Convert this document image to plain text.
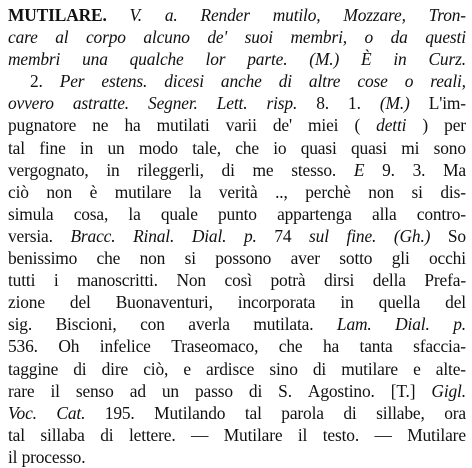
MUTILARE. V. a. Render mutilo, Mozzare, Tron-
care al corpo alcuno de' suoi membri, o da questi
membri una qualche lor parte. (M.) È in Curz.
2. Per estens. dicesi anche di altre cose o reali,
ovvero astratte. Segner. Lett. risp. 8. 1. (M.) L'im-
pugnatore ne ha mutilati varii de' miei ( detti ) per
tal fine in un modo tale, che io quasi quasi mi sono
vergognato, in rileggerli, di me stesso. E 9. 3. Ma
ciò non è mutilare la verità .., perchè non si dis-
simula cosa, la quale punto appartenga alla contro-
versia. Bracc. Rinal. Dial. p. 74 sul fine. (Gh.) So
benissimo che non si possono aver sotto gli occhi
tutti i manoscritti. Non così potrà dirsi della Prefa-
zione del Buonaventuri, incorporata in quella del
sig. Biscioni, con averla mutilata. Lam. Dial. p.
536. Oh infelice Traseomaco, che ha tanta sfaccia-
taggine di dire ciò, e ardisce sino di mutilare e alte-
rare il senso ad un passo di S. Agostino. [T.] Gigl.
Voc. Cat. 195. Mutilando tal parola di sillabe, ora
tal sillaba di lettere. — Mutilare il testo. — Mutilare
il
processo.
